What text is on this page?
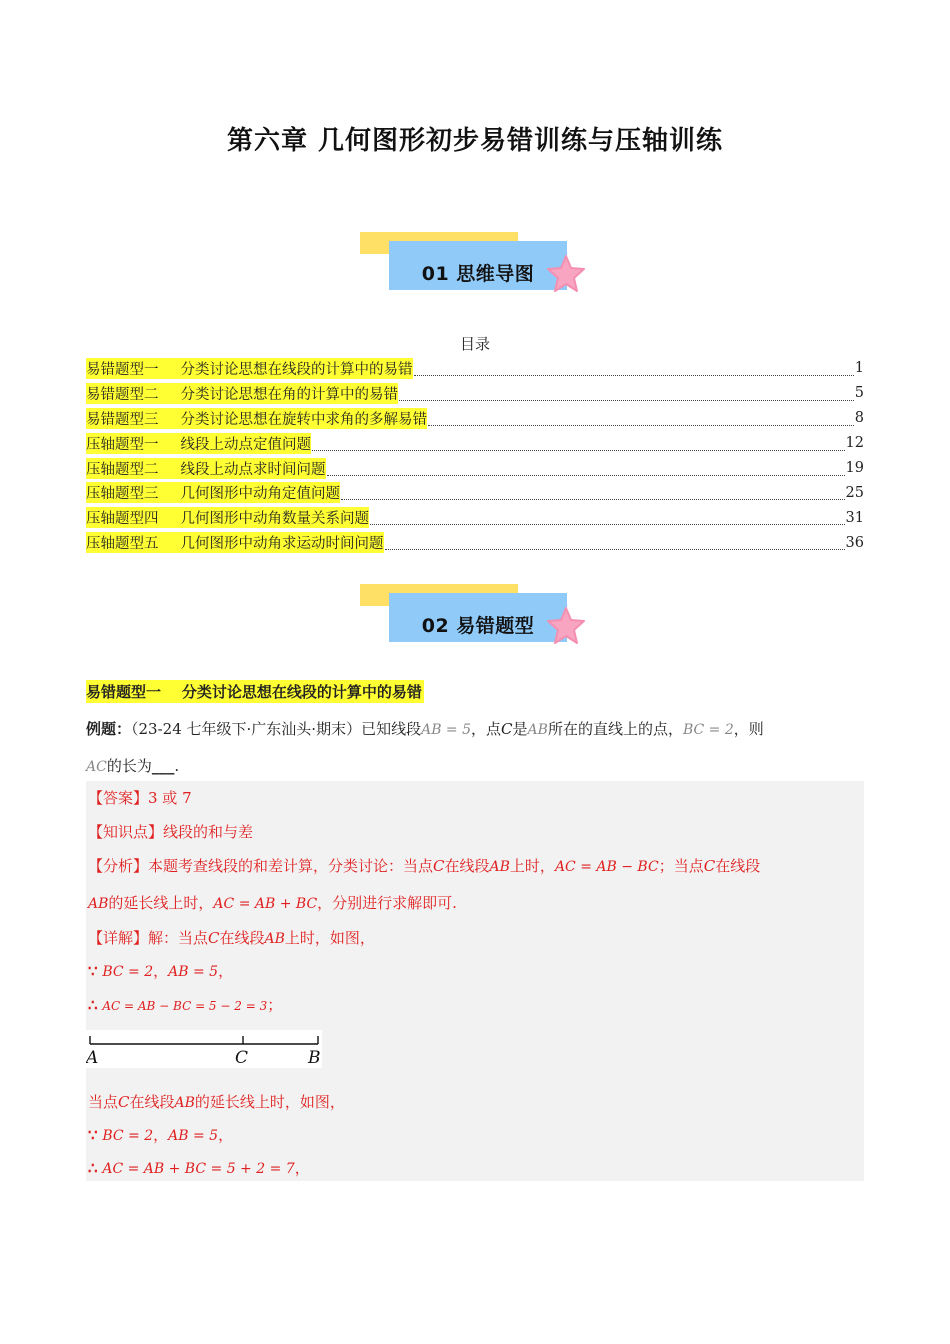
第六章 几何图形初步易错训练与压轴训练
01 思维导图
目录
易错题型一 分类讨论思想在线段的计算中的易错	1
易错题型二 分类讨论思想在角的计算中的易错	5
易错题型三 分类讨论思想在旋转中求角的多解易错	8
压轴题型一 线段上动点定值问题	12
压轴题型二 线段上动点求时间问题	19
压轴题型三 几何图形中动角定值问题	25
压轴题型四 几何图形中动角数量关系问题	31
压轴题型五 几何图形中动角求运动时间问题	36
02 易错题型
易错题型一    分类讨论思想在线段的计算中的易错
例题：（23-24 七年级下·广东汕头·期末）已知线段AB = 5，点C是AB所在的直线上的点，BC = 2，则
AC的长为___.
【答案】3 或 7
【知识点】线段的和与差
【分析】本题考查线段的和差计算，分类讨论：当点C在线段AB上时，AC = AB − BC；当点C在线段
AB的延长线上时，AC = AB + BC，分别进行求解即可.
【详解】解：当点C在线段AB上时，如图，
∵ BC = 2，AB = 5，
∴ AC = AB − BC = 5 − 2 = 3；
当点C在线段AB的延长线上时，如图，
∵ BC = 2，AB = 5，
∴ AC = AB + BC = 5 + 2 = 7，
A	C	B
